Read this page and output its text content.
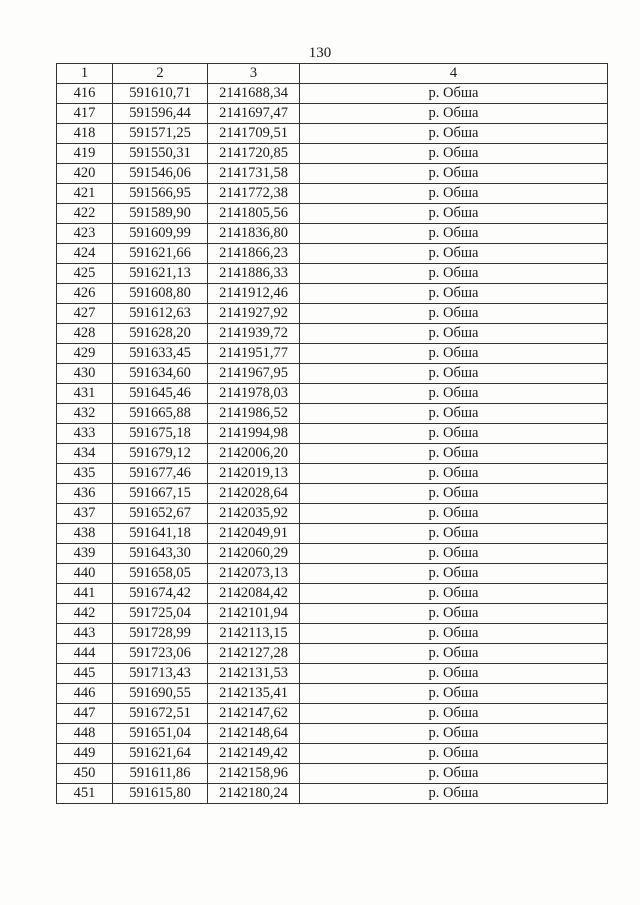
130
1	2	3	4
416	591610,71	2141688,34	р. Обша
417	591596,44	2141697,47	р. Обша
418	591571,25	2141709,51	р. Обша
419	591550,31	2141720,85	р. Обша
420	591546,06	2141731,58	р. Обша
421	591566,95	2141772,38	р. Обша
422	591589,90	2141805,56	р. Обша
423	591609,99	2141836,80	р. Обша
424	591621,66	2141866,23	р. Обша
425	591621,13	2141886,33	р. Обша
426	591608,80	2141912,46	р. Обша
427	591612,63	2141927,92	р. Обша
428	591628,20	2141939,72	р. Обша
429	591633,45	2141951,77	р. Обша
430	591634,60	2141967,95	р. Обша
431	591645,46	2141978,03	р. Обша
432	591665,88	2141986,52	р. Обша
433	591675,18	2141994,98	р. Обша
434	591679,12	2142006,20	р. Обша
435	591677,46	2142019,13	р. Обша
436	591667,15	2142028,64	р. Обша
437	591652,67	2142035,92	р. Обша
438	591641,18	2142049,91	р. Обша
439	591643,30	2142060,29	р. Обша
440	591658,05	2142073,13	р. Обша
441	591674,42	2142084,42	р. Обша
442	591725,04	2142101,94	р. Обша
443	591728,99	2142113,15	р. Обша
444	591723,06	2142127,28	р. Обша
445	591713,43	2142131,53	р. Обша
446	591690,55	2142135,41	р. Обша
447	591672,51	2142147,62	р. Обша
448	591651,04	2142148,64	р. Обша
449	591621,64	2142149,42	р. Обша
450	591611,86	2142158,96	р. Обша
451	591615,80	2142180,24	р. Обша
